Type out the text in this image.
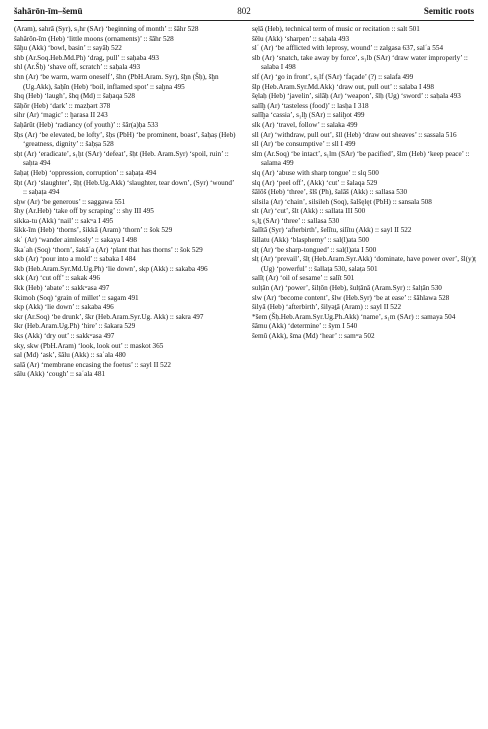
802
šahārōn-īm–šemū	Semitic roots

(Aram), sahrā (Syr), s₁hr (SAr) ‘beginning of month’ :: šāhr 528

šahărōn-īm (Heb) ‘little moons (ornaments)’ :: šāhr 528

šāḫu (Akk) ‘bowl, basin’ :: sayāḥ 522

shb (Ar.Soq.Heb.Md.Ph) ‘drag, pull’ :: saḥaba 493

shl (Ar.Šḥ) ‘shave off, scratch’ :: saḥala 493

shn (Ar) ‘be warm, warm oneself’, šhn (PbH.Aram. Syr), šḫn (Šḥ), šḫn (Ug.Akk), šaḥīn (Heb) ‘boil, inflamed spot’ :: saḫna 495

šhq (Heb) ‘laugh’, šhq (Md) :: šaḥaqa 528

šāḥōr (Heb) ‘dark’ :: mazḥərt 378

sihr (Ar) ‘magic’ :: ḫarasa II 243

šaḥărūt (Heb) ‘radiancy (of youth)’ :: šār(a)ḥa 533

šḥs (Ar) ‘be elevated, be lofty’, šḥs (PbH) ‘be prominent, boast’, šaḥaṣ (Heb) ‘greatness, dignity’ :: šaḥṣa 528

sḥt (Ar) ‘eradicate’, s₁ḥt (SAr) ‘defeat’, šḥt (Heb. Aram.Syr) ‘spoil, ruin’ :: saḥta 494

šaḥaṭ (Heb) ‘oppression, corruption’ :: saḥaṭa 494

šḥt (Ar) ‘slaughter’, šḥṭ (Heb.Ug.Akk) ‘slaughter, tear down’, (Syr) ‘wound’ :: saḥaṭa 494

sḫw (Ar) ‘be generous’ :: saggawa 551

šhy (Ar.Heb) ‘take off by scraping’ :: shy III 495

sikka-tu (Akk) ‘nail’ :: sakʷa I 495

šikk-īm (Heb) ‘thorns’, šikkā (Aram) ‘thorn’ :: šok 529

skʾ (Ar) ‘wander aimlessly’ :: sakaya I 498

škaʿah (Soq) ‘thorn’, šakāʿa (Ar) ‘plant that has thorns’ :: šok 529

skb (Ar) ‘pour into a mold’ :: sabaka I 484

škb (Heb.Aram.Syr.Md.Ug.Ph) ‘lie down’, skp (Akk) :: sakaba 496

skk (Ar) ‘cut off’ :: sakak 496

škk (Heb) ‘abate’ :: sakkʷasa 497

škimoh (Soq) ‘grain of millet’ :: sagam 491

skp (Akk) ‘lie down’ :: sakaba 496

skr (Ar.Soq) ‘be drunk’, škr (Heb.Aram.Syr.Ug. Akk) :: sakra 497

škr (Heb.Aram.Ug.Ph) ‘hire’ :: šakara 529

šks (Akk) ‘dry out’ :: sakkʷasa 497

sky, skw (PbH.Aram) ‘look, look out’ :: maskot 365

sal (Md) ‘ask’, šâlu (Akk) :: saʾala 480

salā (Ar) ‘membrane encasing the foetus’ :: sayl II 522

sâlu (Akk) ‘cough’ :: saʿala 481

sęlā (Heb), technical term of music or recitation :: salt 501

šêlu (Akk) ‘sharpen’ :: saḥala 493

slʿ (Ar) ‘be afflicted with leprosy, wound’ :: zalgasa 637, salʿa 554

slb (Ar) ‘snatch, take away by force’, s₁lb (SAr) ‘draw water improperly’ :: salaba I 498

slf (Ar) ‘go in front’, s₁lf (SAr) ‘façade’ (?) :: salafa 499

šlp (Heb.Aram.Syr.Md.Akk) ‘draw out, pull out’ :: salaba I 498

šęlaḥ (Heb) ‘javelin’, silāḥ (Ar) ‘weapon’, šlḥ (Ug) ‘sword’ :: saḥala 493

salīḫ (Ar) ‘tasteless (food)’ :: lasḥa I 318

salīḫa ‘cassia’, s₁lḫ (SAr) :: saliḫot 499

slk (Ar) ‘travel, follow’ :: salaka 499

sll (Ar) ‘withdraw, pull out’, šll (Heb) ‘draw out sheaves’ :: sassala 516

sll (Ar) ‘be consumptive’ :: sll I 499

slm (Ar.Soq) ‘be intact’, s₁lm (SAr) ‘be pacified’, šlm (Heb) ‘keep peace’ :: salama 499

slq (Ar) ‘abuse with sharp tongue’ :: slq 500

slq (Ar) ‘peel off’, (Akk) ‘cut’ :: šalaqa 529

šālōš (Heb) ‘three’, šlš (Ph), šalāš (Akk) :: sallasa 530

silsila (Ar) ‘chain’, silsileh (Soq), šalšęlęt (PbH) :: sansala 508

slt (Ar) ‘cut’, šlt (Akk) :: sallata III 500

s₁lṯ (SAr) ‘three’ :: sallasa 530

šalītā (Syr) ‘afterbirth’, šelītu, silītu (Akk) :: sayl II 522

šillatu (Akk) ‘blasphemy’ :: sal(l)ata 500

slṭ (Ar) ‘be sharp-tongued’ :: sal(l)ata I 500

slṭ (Ar) ‘prevail’, šlṭ (Heb.Aram.Syr.Akk) ‘dominate, have power over’, šl(y)ṭ (Ug) ‘powerful’ :: šallaṭa 530, salaṭa 501

salīṭ (Ar) ‘oil of sesame’ :: salīt 501

sulṭān (Ar) ‘power’, šilṭōn (Heb), šulṭānā (Aram.Syr) :: šalṭān 530

slw (Ar) ‘become content’, šlw (Heb.Syr) ‘be at ease’ :: šāhlawa 528

šilyā (Heb) ‘afterbirth’, šilyəṯā (Aram) :: sayl II 522

*šem (Šḥ.Heb.Aram.Syr.Ug.Ph.Akk) ‘name’, s₁m (SAr) :: samaya 504

šâmu (Akk) ‘determine’ :: šym I 540

šemû (Akk), šma (Md) ‘hear’ :: samʷa 502
